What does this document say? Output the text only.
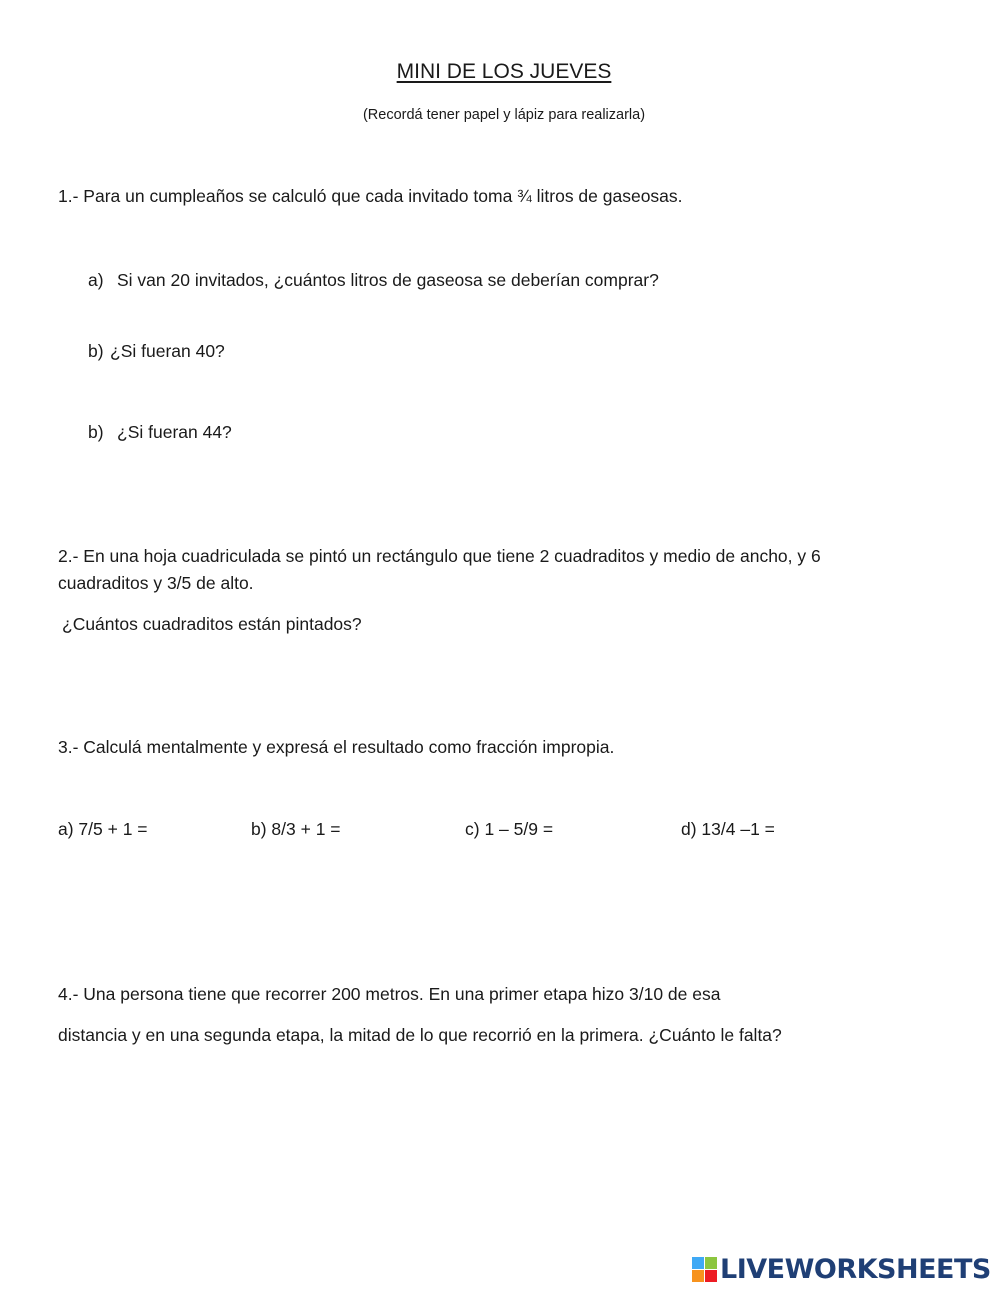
MINI DE LOS JUEVES
(Recordá tener papel y lápiz para realizarla)
1.- Para un cumpleaños se calculó que cada invitado toma ¾ litros de gaseosas.
a) Si van 20 invitados, ¿cuántos litros de gaseosa se deberían comprar?
b) ¿Si fueran 40?
b) ¿Si fueran 44?
2.- En una hoja cuadriculada se pintó un rectángulo que tiene 2 cuadraditos y medio de ancho, y 6
cuadraditos y 3/5 de alto.
¿Cuántos cuadraditos están pintados?
3.- Calculá mentalmente y expresá el resultado como fracción impropia.
a) 7/5 + 1 =	b) 8/3 + 1 =	c) 1 – 5/9 =	d) 13/4 –1 =
4.- Una persona tiene que recorrer 200 metros. En una primer etapa hizo 3/10 de esa
distancia y en una segunda etapa, la mitad de lo que recorrió en la primera. ¿Cuánto le falta?
LIVEWORKSHEETS
